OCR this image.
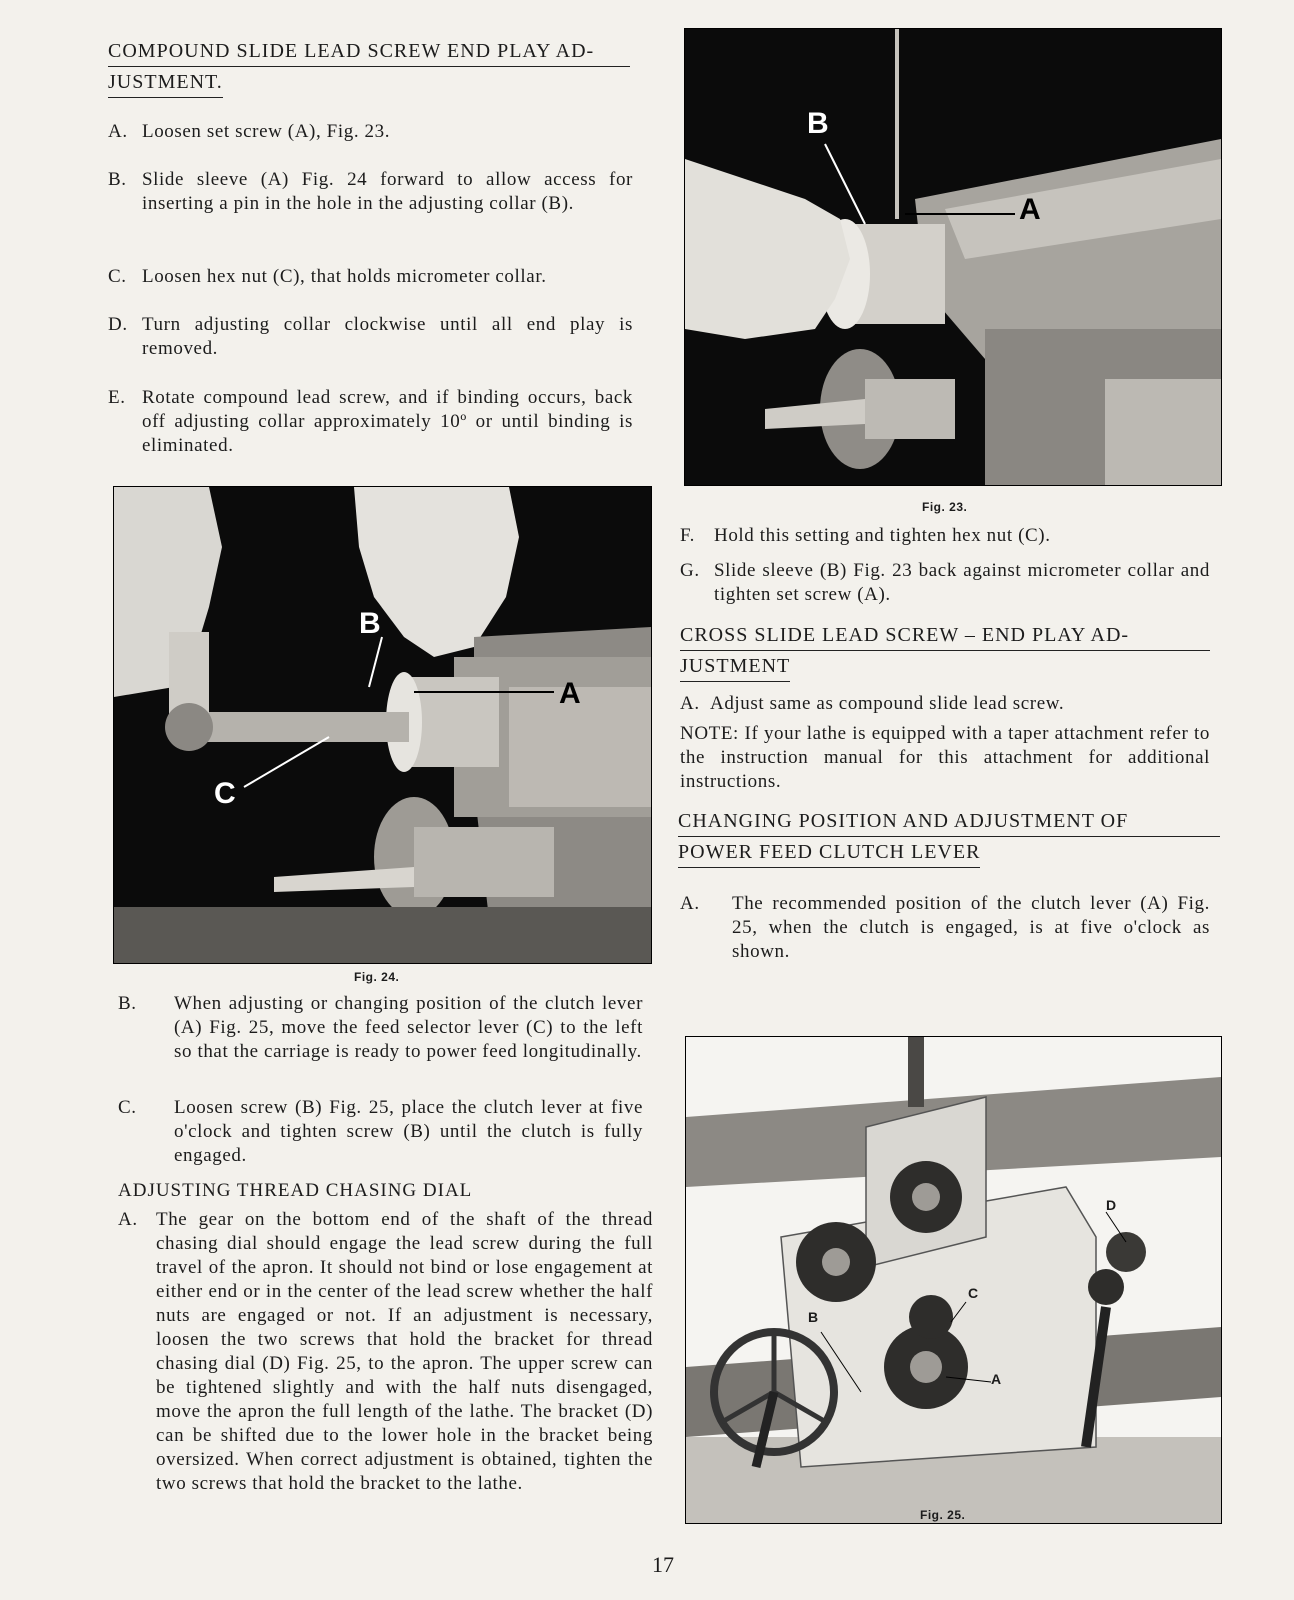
COMPOUND SLIDE LEAD SCREW END PLAY AD-
JUSTMENT.
A. Loosen set screw (A), Fig. 23.
B. Slide sleeve (A) Fig. 24 forward to allow access for inserting a pin in the hole in the adjusting collar (B).
C. Loosen hex nut (C), that holds micrometer collar.
D. Turn adjusting collar clockwise until all end play is removed.
E. Rotate compound lead screw, and if binding occurs, back off adjusting collar approximately 10º or until binding is eliminated.
B
A
C
Fig. 24.
B.	When adjusting or changing position of the clutch lever (A) Fig. 25, move the feed selector lever (C) to the left so that the carriage is ready to power feed longitudinally.
C.	Loosen screw (B) Fig. 25, place the clutch lever at five o'clock and tighten screw (B) until the clutch is fully engaged.
ADJUSTING THREAD CHASING DIAL
A. The gear on the bottom end of the shaft of the thread chasing dial should engage the lead screw during the full travel of the apron. It should not bind or lose engagement at either end or in the center of the lead screw whether the half nuts are engaged or not. If an adjustment is necessary, loosen the two screws that hold the bracket for thread chasing dial (D) Fig. 25, to the apron. The upper screw can be tightened slightly and with the half nuts disengaged, move the apron the full length of the lathe. The bracket (D) can be shifted due to the lower hole in the bracket being oversized. When correct adjustment is obtained, tighten the two screws that hold the bracket to the lathe.
B
A
Fig. 23.
F.	Hold this setting and tighten hex nut (C).
G. Slide sleeve (B) Fig. 23 back against micrometer collar and tighten set screw (A).
CROSS SLIDE LEAD SCREW – END PLAY AD-
JUSTMENT
A. Adjust same as compound slide lead screw.
NOTE: If your lathe is equipped with a taper attachment refer to the instruction manual for this attachment for additional instructions.
CHANGING POSITION AND ADJUSTMENT OF
POWER FEED CLUTCH LEVER
A.	The recommended position of the clutch lever (A) Fig. 25, when the clutch is engaged, is at five o'clock as shown.
B
C
A
D
Fig. 25.
17
